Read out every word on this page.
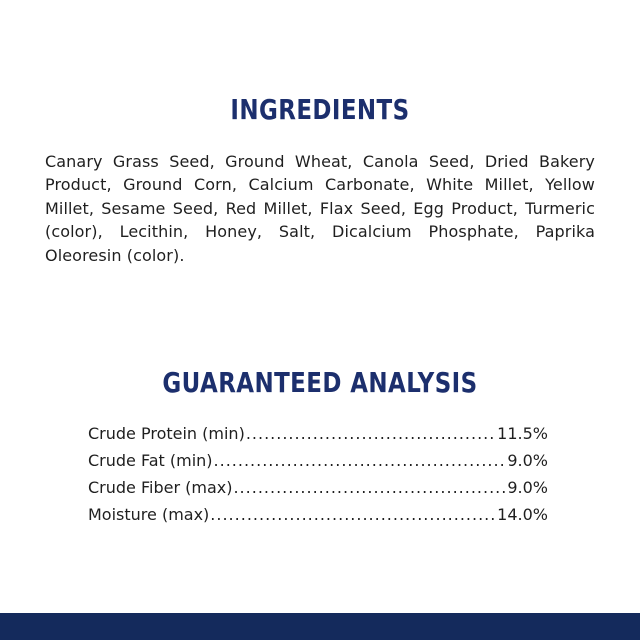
INGREDIENTS

Canary Grass Seed, Ground Wheat, Canola Seed, Dried Bakery Product, Ground Corn, Calcium Carbonate, White Millet, Yellow Millet, Sesame Seed, Red Millet, Flax Seed, Egg Product, Turmeric (color), Lecithin, Honey, Salt, Dicalcium Phosphate, Paprika Oleoresin (color).

GUARANTEED ANALYSIS
Crude Protein (min) .....	11.5%
Crude Fat (min) .....	9.0%
Crude Fiber (max) .....	9.0%
Moisture (max) .....	14.0%
